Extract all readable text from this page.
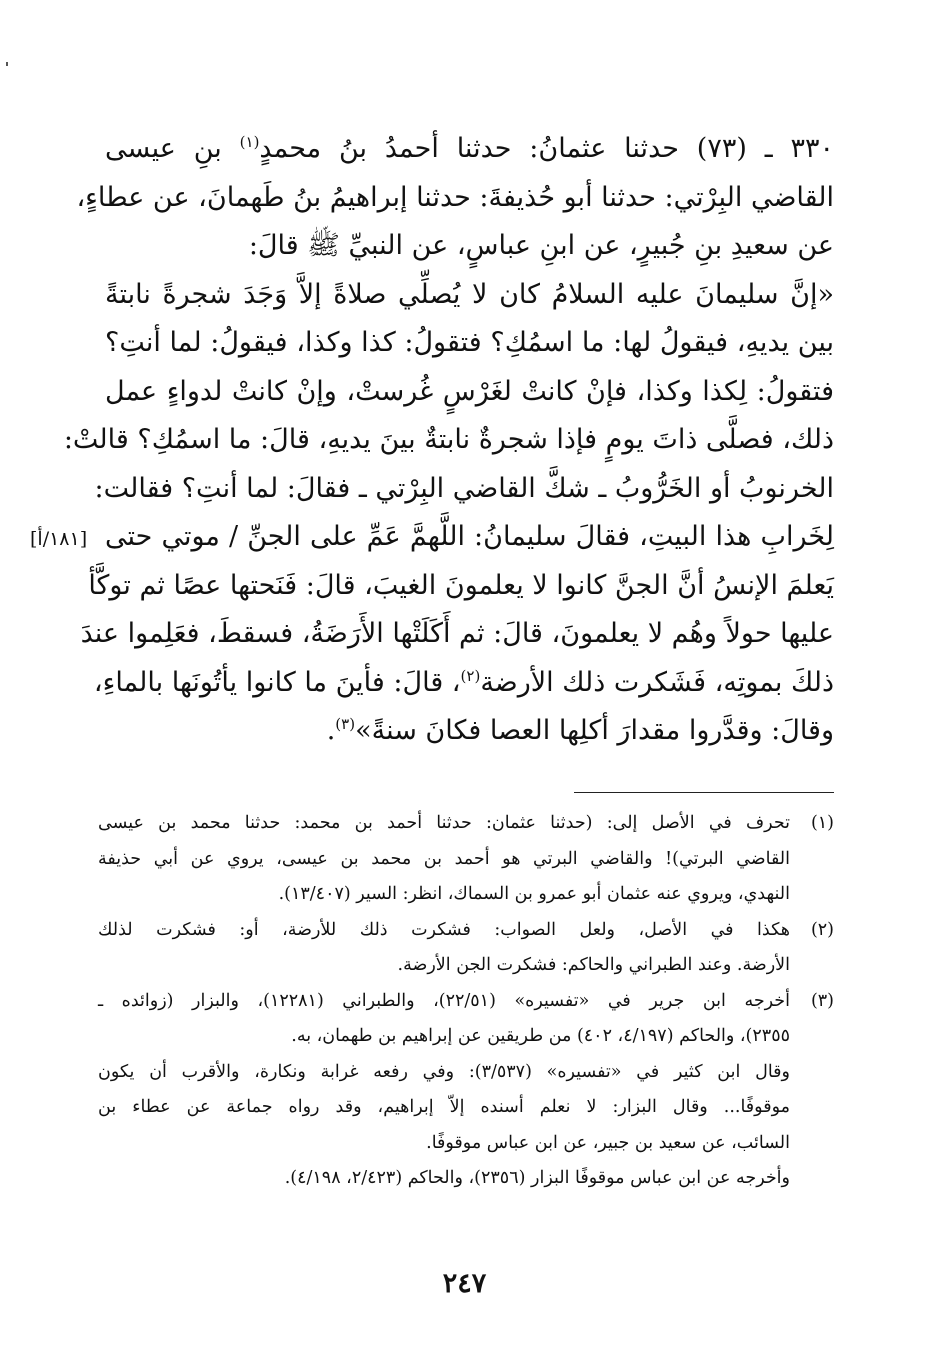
٣٣٠ ـ (٧٣) حدثنا عثمانُ: حدثنا أحمدُ بنُ محمدٍ$^{(١)}$ بنِ عيسى
القاضي البِرْتي: حدثنا أبو حُذيفةَ: حدثنا إبراهيمُ بنُ طَهمانَ، عن عطاءٍ،
عن سعيدِ بنِ جُبيرٍ، عن ابنِ عباسٍ، عن النبيِّ ﷺ قالَ:
«إنَّ سليمانَ عليه السلامُ كان لا يُصلِّي صلاةً إلاَّ وَجَدَ شجرةً نابتةً
بين يديهِ، فيقولُ لها: ما اسمُكِ؟ فتقولُ: كذا وكذا، فيقولُ: لما أنتِ؟
فتقولُ: لِكذا وكذا، فإنْ كانتْ لغَرْسٍ غُرستْ، وإنْ كانتْ لدواءٍ عمل
ذلك، فصلَّى ذاتَ يومٍ فإذا شجرةٌ نابتةٌ بينَ يديهِ، قالَ: ما اسمُكِ؟ قالتْ:
الخرنوبُ أو الخَرُّوبُ ـ شكَّ القاضي البِرْتي ـ فقالَ: لما أنتِ؟ فقالت:
لِخَرابِ هذا البيتِ، فقالَ سليمانُ: اللَّهمَّ عَمِّ على الجنِّ / موتي حتى
يَعلمَ الإنسُ أنَّ الجنَّ كانوا لا يعلمونَ الغيبَ، قالَ: فَنَحتها عصًا ثم توكَّأ
عليها حولاً وهُم لا يعلمونَ، قالَ: ثم أَكَلَتْها الأَرَضَةُ، فسقطَ، فعَلِموا عندَ
ذلكَ بموتِه، فَشَكرت ذلك الأرضة$^{(٢)}$، قالَ: فأينَ ما كانوا يأتُونَها بالماءِ،
وقالَ: وقدَّروا مقدارَ أكلِها العصا فكانَ سنةً»$^{(٣)}$.
[١٨١/أ]
(١)
تحرف في الأصل إلى: (حدثنا عثمان: حدثنا أحمد بن محمد: حدثنا محمد بن عيسى
القاضي البرتي)! والقاضي البرتي هو أحمد بن محمد بن عيسى، يروي عن أبي حذيفة
النهدي، ويروي عنه عثمان أبو عمرو بن السماك، انظر: السير (١٣/٤٠٧).
(٢)
هكذا في الأصل، ولعل الصواب: فشكرت ذلك للأرضة، أو: فشكرت لذلك
الأرضة. وعند الطبراني والحاكم: فشكرت الجن الأرضة.
(٣)
أخرجه ابن جرير في «تفسيره» (٢٢/٥١)، والطبراني (١٢٢٨١)، والبزار (زوائده ـ
٢٣٥٥)، والحاكم (٤/١٩٧، ٤٠٢) من طريقين عن إبراهيم بن طهمان، به.
وقال ابن كثير في «تفسيره» (٣/٥٣٧): وفي رفعه غرابة ونكارة، والأقرب أن يكون
موقوفًا... وقال البزار: لا نعلم أسنده إلاّ إبراهيم، وقد رواه جماعة عن عطاء بن
السائب، عن سعيد بن جبير، عن ابن عباس موقوفًا.
وأخرجه عن ابن عباس موقوفًا البزار (٢٣٥٦)، والحاكم (٢/٤٢٣، ٤/١٩٨).
٢٤٧
